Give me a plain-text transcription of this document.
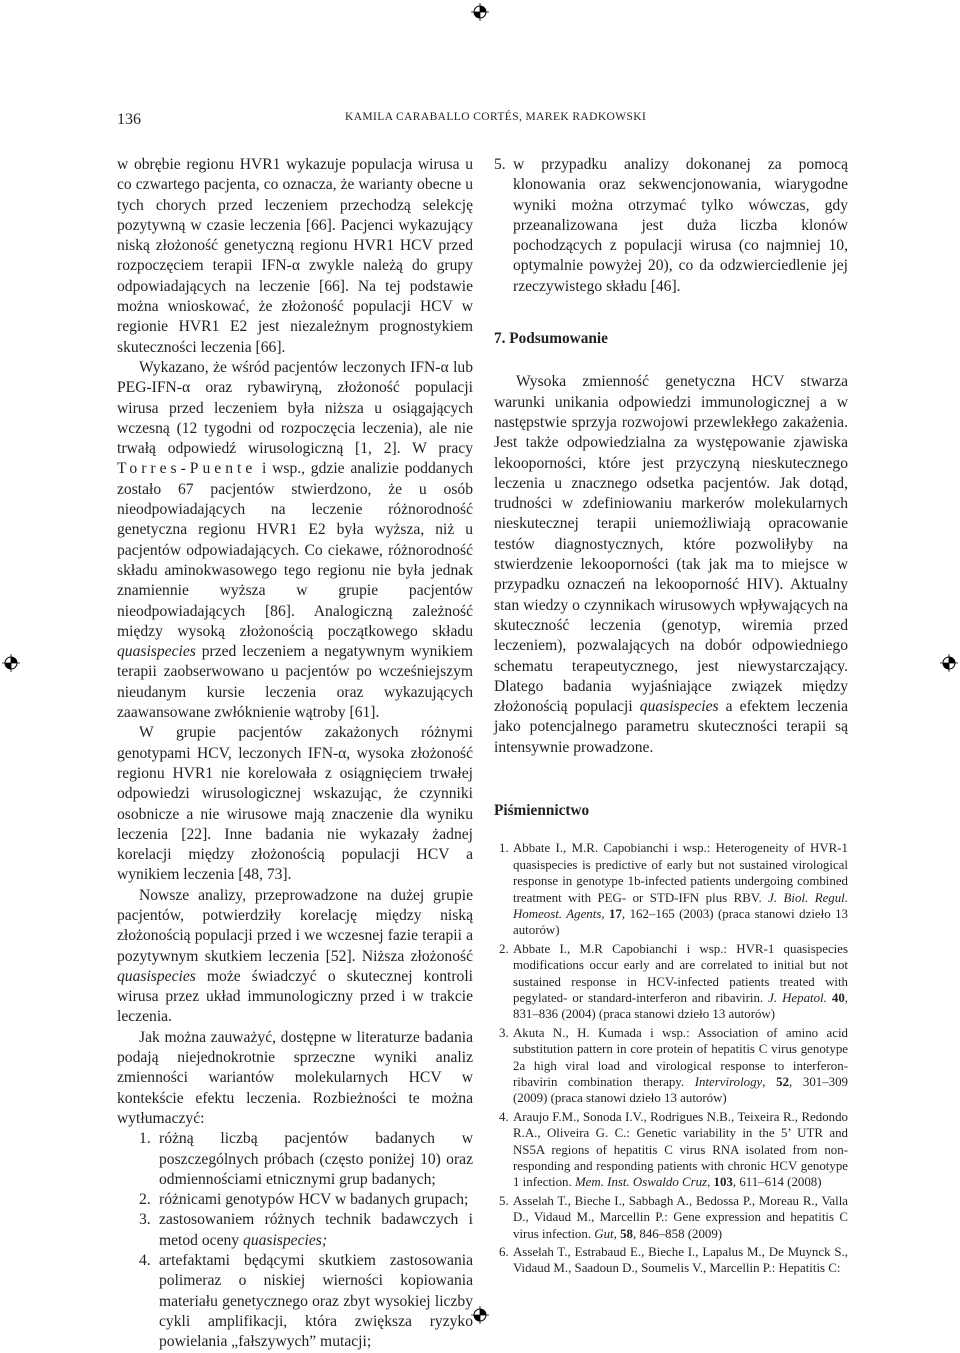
136	KAMILA CARABALLO CORTÉS, MAREK RADKOWSKI

w obrębie regionu HVR1 wykazuje populacja wirusa u co czwartego pacjenta, co oznacza, że warianty obecne u tych chorych przed leczeniem przechodzą selekcję pozytywną w czasie leczenia [66]. Pacjenci wykazujący niską złożoność genetyczną regionu HVR1 HCV przed rozpoczęciem terapii IFN-α zwykle należą do grupy odpowiadających na leczenie [66]. Na tej podstawie można wnioskować, że złożoność populacji HCV w regionie HVR1 E2 jest niezależnym prognostykiem skuteczności leczenia [66].

Wykazano, że wśród pacjentów leczonych IFN-α lub PEG-IFN-α oraz rybawiryną, złożoność populacji wirusa przed leczeniem była niższa u osiągających wczesną (12 tygodni od rozpoczęcia leczenia), ale nie trwałą odpowiedź wirusologiczną [1, 2]. W pracy Torres-Puente i wsp., gdzie analizie poddanych zostało 67 pacjentów stwierdzono, że u osób nieodpowiadających na leczenie różnorodność genetyczna regionu HVR1 E2 była wyższa, niż u pacjentów odpowiadających. Co ciekawe, różnorodność składu aminokwasowego tego regionu nie była jednak znamiennie wyższa w grupie pacjentów nieodpowiadających [86]. Analogiczną zależność między wysoką złożonością początkowego składu quasispecies przed leczeniem a negatywnym wynikiem terapii zaobserwowano u pacjentów po wcześniejszym nieudanym kursie leczenia oraz wykazujących zaawansowane zwłóknienie wątroby [61].

W grupie pacjentów zakażonych różnymi genotypami HCV, leczonych IFN-α, wysoka złożoność regionu HVR1 nie korelowała z osiągnięciem trwałej odpowiedzi wirusologicznej wskazując, że czynniki osobnicze a nie wirusowe mają znaczenie dla wyniku leczenia [22]. Inne badania nie wykazały żadnej korelacji między złożonością populacji HCV a wynikiem leczenia [48, 73].

Nowsze analizy, przeprowadzone na dużej grupie pacjentów, potwierdziły korelację między niską złożonością populacji przed i we wczesnej fazie terapii a pozytywnym skutkiem leczenia [52]. Niższa złożoność quasispecies może świadczyć o skutecznej kontroli wirusa przez układ immunologiczny przed i w trakcie leczenia.

Jak można zauważyć, dostępne w literaturze badania podają niejednokrotnie sprzeczne wyniki analiz zmienności wariantów molekularnych HCV w kontekście efektu leczenia. Rozbieżności te można wytłumaczyć:

1. różną liczbą pacjentów badanych w poszczególnych próbach (często poniżej 10) oraz odmiennościami etnicznymi grup badanych;
2. różnicami genotypów HCV w badanych grupach;
3. zastosowaniem różnych technik badawczych i metod oceny quasispecies;
4. artefaktami będącymi skutkiem zastosowania polimeraz o niskiej wierności kopiowania materiału genetycznego oraz zbyt wysokiej liczby cykli amplifikacji, która zwiększa ryzyko powielania „fałszywych” mutacji;
5. w przypadku analizy dokonanej za pomocą klonowania oraz sekwencjonowania, wiarygodne wyniki można otrzymać tylko wówczas, gdy przeanalizowana jest duża liczba klonów pochodzących z populacji wirusa (co najmniej 10, optymalnie powyżej 20), co da odzwierciedlenie jej rzeczywistego składu [46].
7. Podsumowanie

Wysoka zmienność genetyczna HCV stwarza warunki unikania odpowiedzi immunologicznej a w następstwie sprzyja rozwojowi przewlekłego zakażenia. Jest także odpowiedzialna za występowanie zjawiska lekooporności, które jest przyczyną nieskutecznego leczenia u znacznego odsetka pacjentów. Jak dotąd, trudności w zdefiniowaniu markerów molekularnych nieskutecznej terapii uniemożliwiają opracowanie testów diagnostycznych, które pozwoliłyby na stwierdzenie lekooporności (tak jak ma to miejsce w przypadku oznaczeń na lekooporność HIV). Aktualny stan wiedzy o czynnikach wirusowych wpływających na skuteczność leczenia (genotyp, wiremia przed leczeniem), pozwalających na dobór odpowiedniego schematu terapeutycznego, jest niewystarczający. Dlatego badania wyjaśniające związek między złożonością populacji quasispecies a efektem leczenia jako potencjalnego parametru skuteczności terapii są intensywnie prowadzone.

Piśmiennictwo
1. Abbate I., M.R. Capobianchi i wsp.: Heterogeneity of HVR-1 quasispecies is predictive of early but not sustained virological response in genotype 1b-infected patients undergoing combined treatment with PEG- or STD-IFN plus RBV. J. Biol. Regul. Homeost. Agents, 17, 162–165 (2003) (praca stanowi dzieło 13 autorów)
2. Abbate I., M.R Capobianchi i wsp.: HVR-1 quasispecies modifications occur early and are correlated to initial but not sustained response in HCV-infected patients treated with pegylated- or standard-interferon and ribavirin. J. Hepatol. 40, 831–836 (2004) (praca stanowi dzieło 13 autorów)
3. Akuta N., H. Kumada i wsp.: Association of amino acid substitution pattern in core protein of hepatitis C virus genotype 2a high viral load and virological response to interferon-ribavirin combination therapy. Intervirology, 52, 301–309 (2009) (praca stanowi dzieło 13 autorów)
4. Araujo F.M., Sonoda I.V., Rodrigues N.B., Teixeira R., Redondo R.A., Oliveira G. C.: Genetic variability in the 5’ UTR and NS5A regions of hepatitis C virus RNA isolated from non-responding and responding patients with chronic HCV genotype 1 infection. Mem. Inst. Oswaldo Cruz, 103, 611–614 (2008)
5. Asselah T., Bieche I., Sabbagh A., Bedossa P., Moreau R., Valla D., Vidaud M., Marcellin P.: Gene expression and hepatitis C virus infection. Gut, 58, 846–858 (2009)
6. Asselah T., Estrabaud E., Bieche I., Lapalus M., De Muynck S., Vidaud M., Saadoun D., Soumelis V., Marcellin P.: Hepatitis C:
